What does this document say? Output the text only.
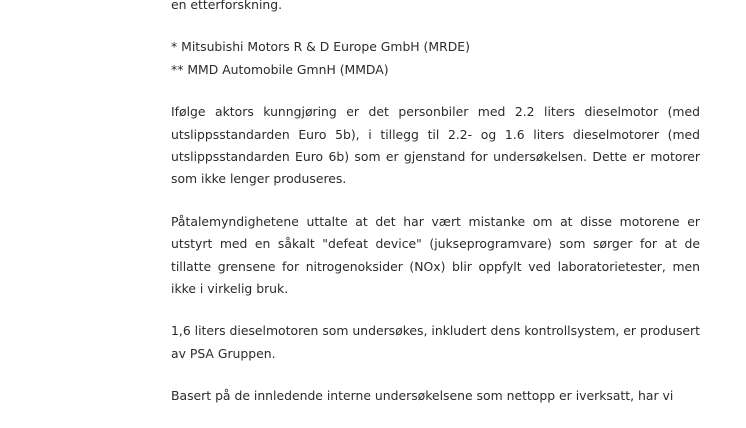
en etterforskning.

* Mitsubishi Motors R & D Europe GmbH (MRDE)
** MMD Automobile GmnH (MMDA)

Ifølge aktors kunngjøring er det personbiler med 2.2 liters dieselmotor (med utslippsstandarden Euro 5b), i tillegg til 2.2- og 1.6 liters dieselmotorer (med utslippsstandarden Euro 6b) som er gjenstand for undersøkelsen. Dette er motorer som ikke lenger produseres.

Påtalemyndighetene uttalte at det har vært mistanke om at disse motorene er utstyrt med en såkalt "defeat device" (jukseprogramvare) som sørger for at de tillatte grensene for nitrogenoksider (NOx) blir oppfylt ved laboratorietester, men ikke i virkelig bruk.

1,6 liters dieselmotoren som undersøkes, inkludert dens kontrollsystem, er produsert av PSA Gruppen.

Basert på de innledende interne undersøkelsene som nettopp er iverksatt, har vi
